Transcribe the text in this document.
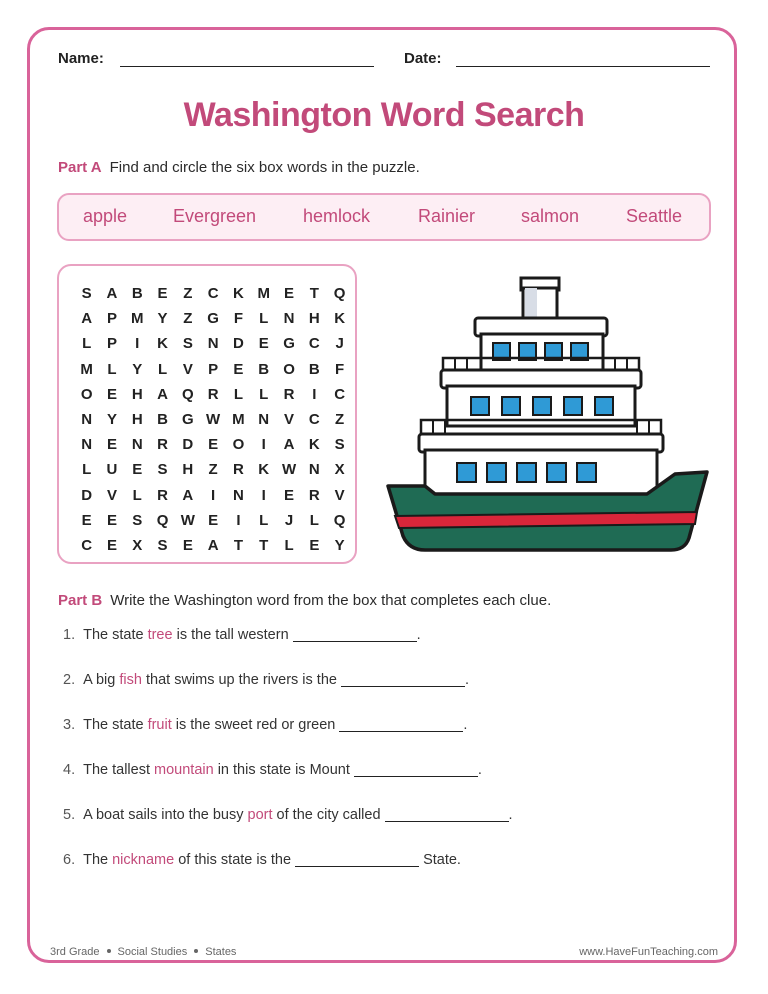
Name:	Date:
Washington Word Search
Part A Find and circle the six box words in the puzzle.
apple	Evergreen	hemlock	Rainier	salmon	Seattle
S A B E	Z	C K M E	T Q
A P M Y	Z G F	L	N H K
L	P	I	K S N D E G C	J
M L	Y	L	V	P	E B O B	F
O E H A Q R	L	L	R	I	C
N Y H B G W M N V C	Z
N E N R D E O	I	A K S
L	U E	S H	Z	R K W N X
D V	L	R A	I	N	I	E R V
E	E	S Q W E	I	L	J	L Q
C E	X	S	E A	T	T	L	E	Y
Part B Write the Washington word from the box that completes each clue.
1. The state tree is the tall western	.
2. A big fish that swims up the rivers is the	.
3. The state fruit is the sweet red or green	.
4. The tallest mountain in this state is Mount	.
5. A boat sails into the busy port of the city called	.
6. The nickname of this state is the	State.
3rd Grade Social Studies States	www.HaveFunTeaching.com
